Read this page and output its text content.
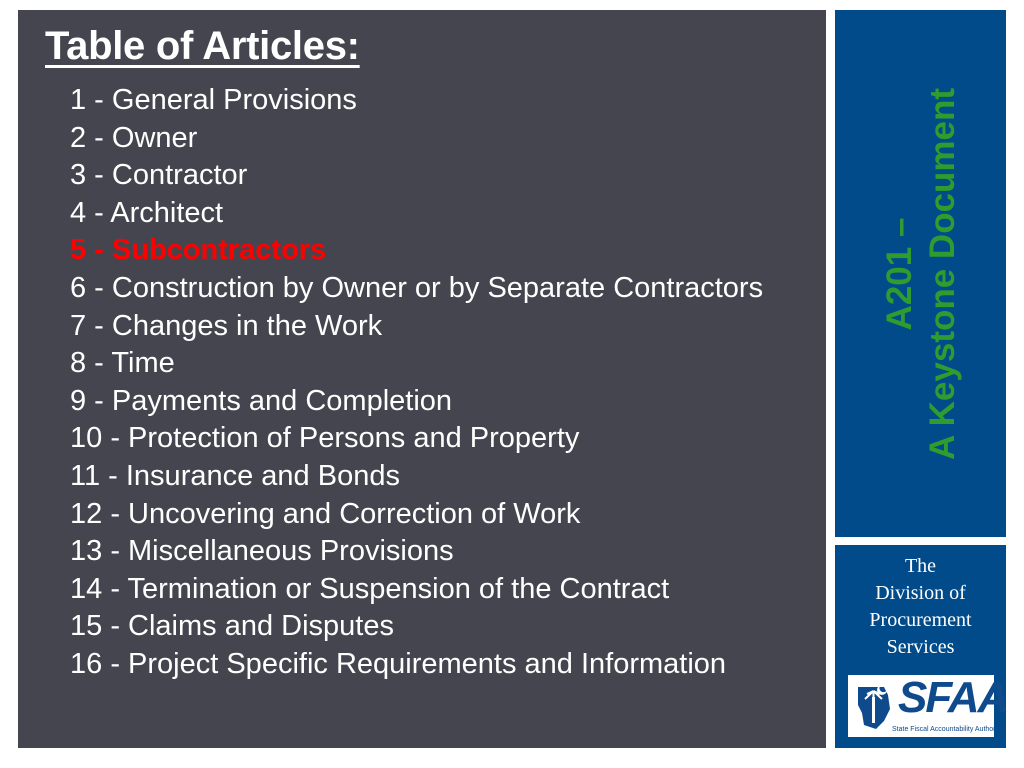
Table of Articles:
1 - General Provisions
2 - Owner
3 - Contractor
4 - Architect
5 - Subcontractors
6 - Construction by Owner or by Separate Contractors
7 - Changes in the Work
8 - Time
9 - Payments and Completion
10 - Protection of Persons and Property
11 - Insurance and Bonds
12 - Uncovering and Correction of Work
13 - Miscellaneous Provisions
14 - Termination or Suspension of the Contract
15 - Claims and Disputes
16 - Project Specific Requirements and Information
A201 – A Keystone Document

The
Division of
Procurement
Services

SFAA
State Fiscal Accountability Authority
